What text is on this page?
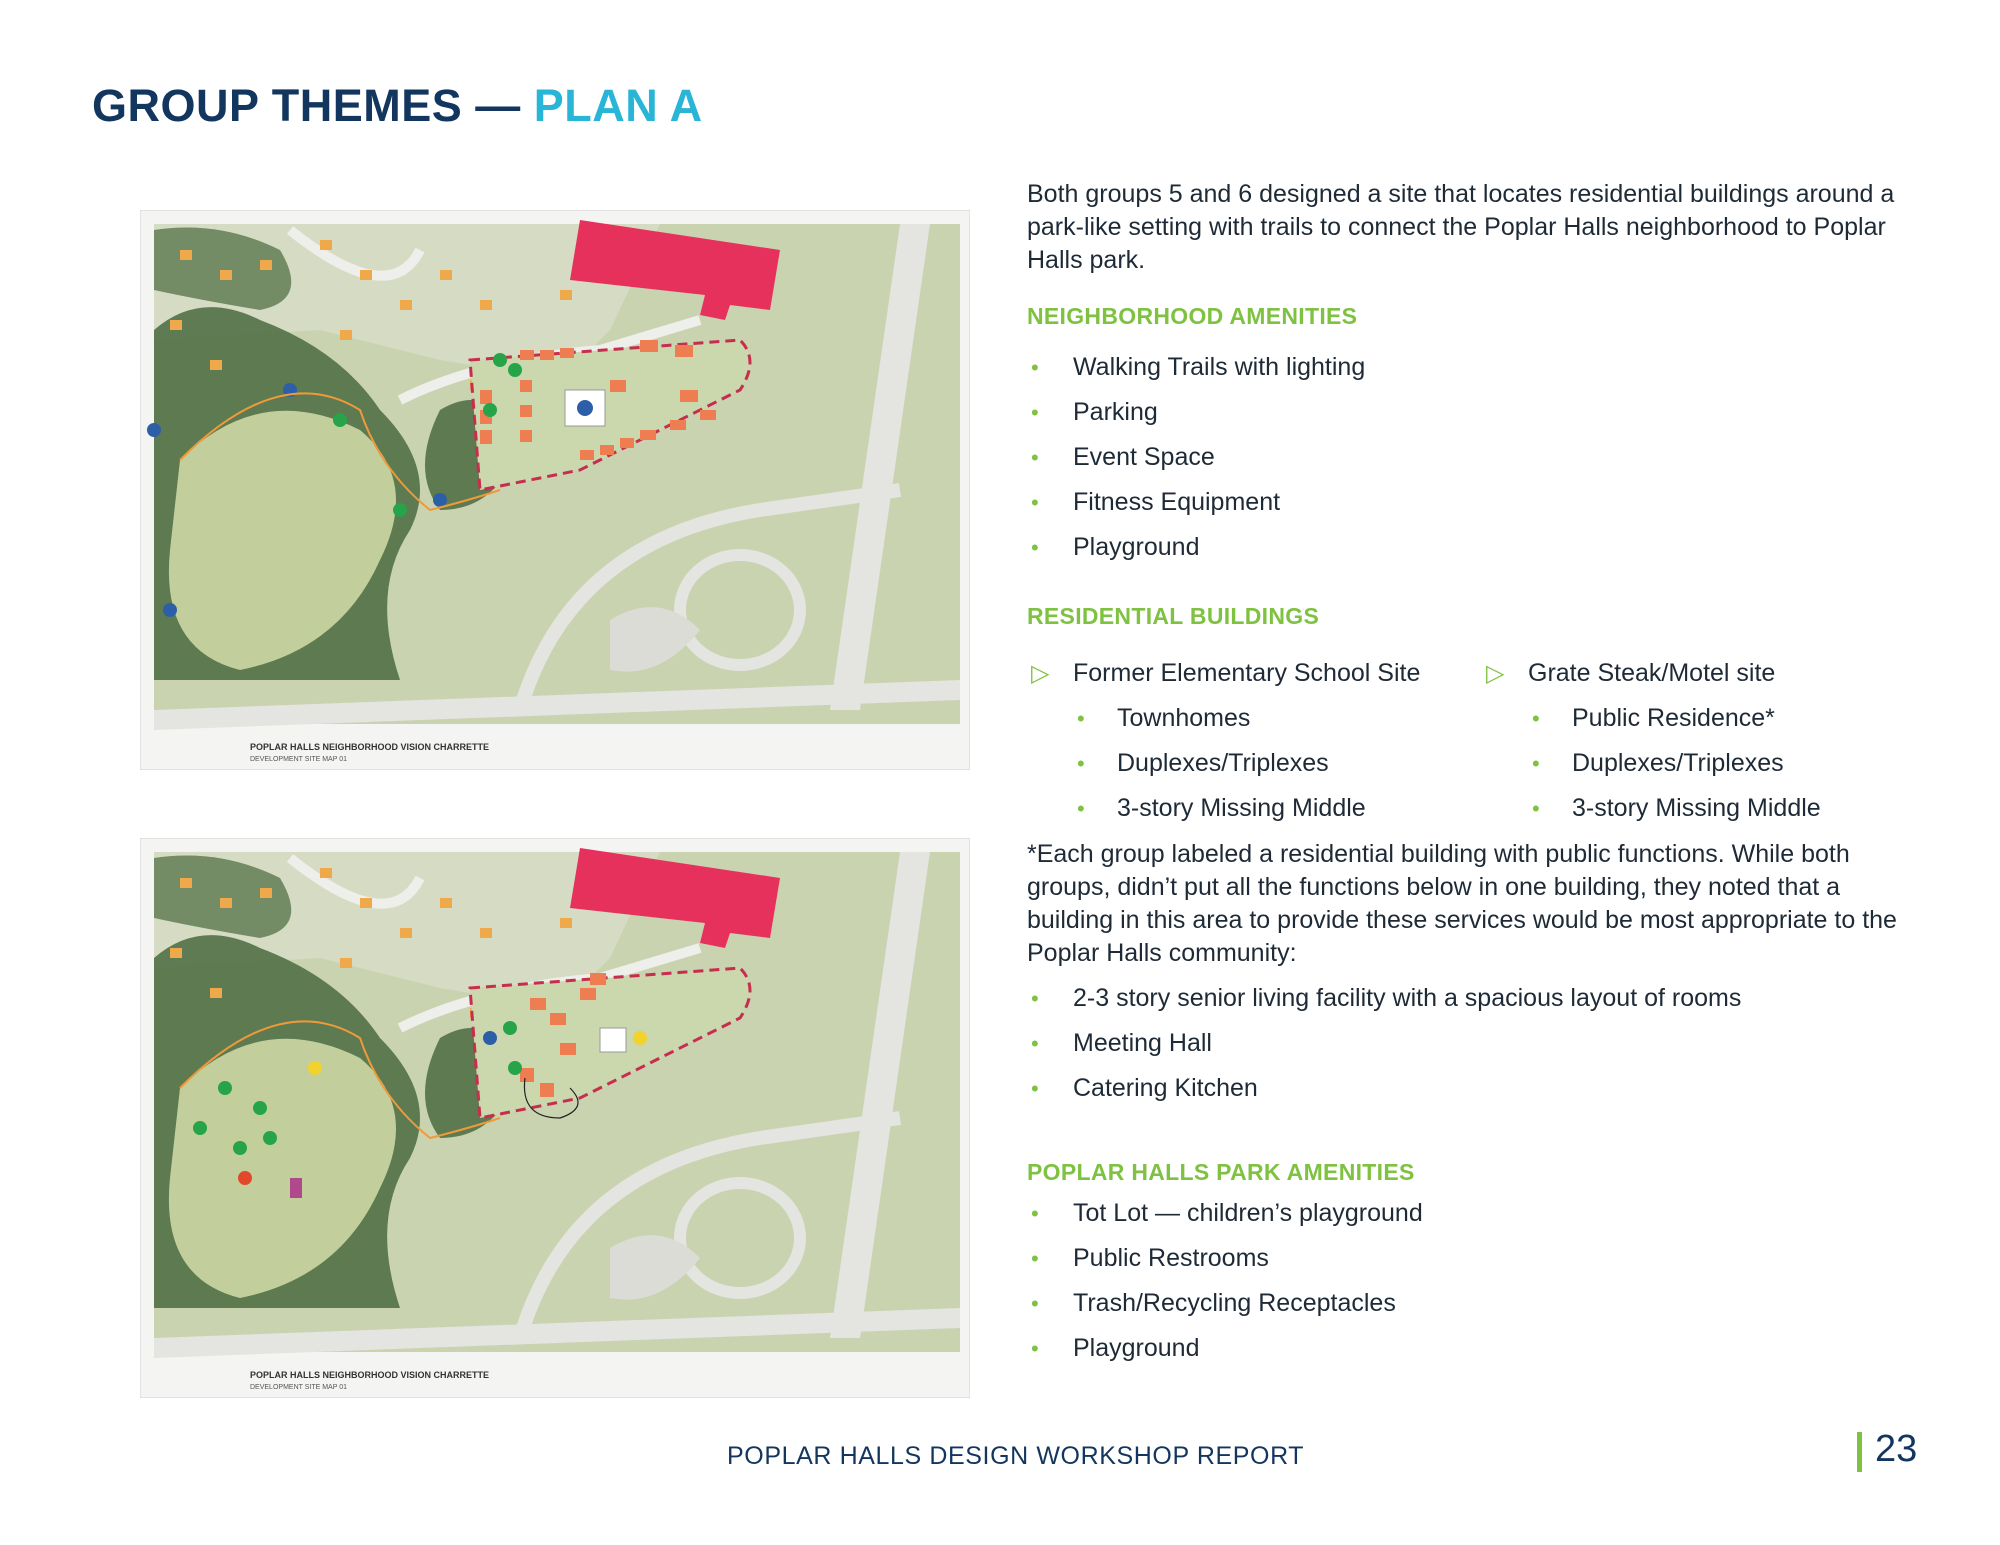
GROUP THEMES — PLAN A
POPLAR HALLS NEIGHBORHOOD VISION CHARRETTE
DEVELOPMENT SITE MAP 01
POPLAR HALLS NEIGHBORHOOD VISION CHARRETTE
DEVELOPMENT SITE MAP 01

Both groups 5 and 6 designed a site that locates residential buildings around a park-like setting with trails to connect the Poplar Halls neighborhood to Poplar Halls park.

NEIGHBORHOOD AMENITIES
• Walking Trails with lighting
• Parking
• Event Space
• Fitness Equipment
• Playground
RESIDENTIAL BUILDINGS
▷ Former Elementary School Site
• Townhomes
• Duplexes/Triplexes
• 3-story Missing Middle
▷ Grate Steak/Motel site
• Public Residence*
• Duplexes/Triplexes
• 3-story Missing Middle

*Each group labeled a residential building with public functions. While both groups, didn’t put all the functions below in one building, they noted that a building in this area to provide these services would be most appropriate to the Poplar Halls community:

• 2-3 story senior living facility with a spacious layout of rooms
• Meeting Hall
• Catering Kitchen
POPLAR HALLS PARK AMENITIES
• Tot Lot — children’s playground
• Public Restrooms
• Trash/Recycling Receptacles
• Playground
POPLAR HALLS DESIGN WORKSHOP REPORT	23
